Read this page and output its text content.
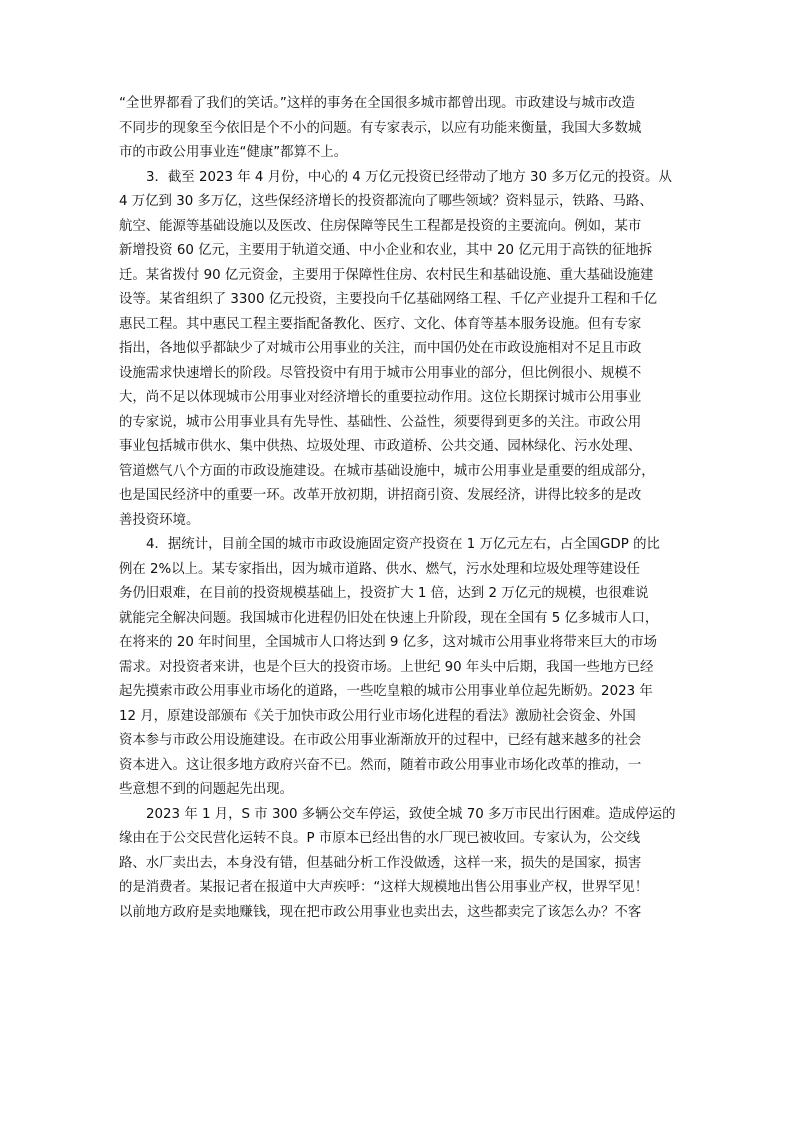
“全世界都看了我们的笑话。”这样的事务在全国很多城市都曾出现。市政建设与城市改造
不同步的现象至今依旧是个不小的问题。有专家表示，以应有功能来衡量，我国大多数城
市的市政公用事业连“健康”都算不上。

3．截至 2023 年 4 月份，中心的 4 万亿元投资已经带动了地方 30 多万亿元的投资。从
4 万亿到 30 多万亿，这些保经济增长的投资都流向了哪些领域？资料显示，铁路、马路、
航空、能源等基础设施以及医改、住房保障等民生工程都是投资的主要流向。例如，某市
新增投资 60 亿元，主要用于轨道交通、中小企业和农业，其中 20 亿元用于高铁的征地拆
迁。某省拨付 90 亿元资金，主要用于保障性住房、农村民生和基础设施、重大基础设施建
设等。某省组织了 3300 亿元投资，主要投向千亿基础网络工程、千亿产业提升工程和千亿
惠民工程。其中惠民工程主要指配备教化、医疗、文化、体育等基本服务设施。但有专家
指出，各地似乎都缺少了对城市公用事业的关注，而中国仍处在市政设施相对不足且市政
设施需求快速增长的阶段。尽管投资中有用于城市公用事业的部分，但比例很小、规模不
大，尚不足以体现城市公用事业对经济增长的重要拉动作用。这位长期探讨城市公用事业
的专家说，城市公用事业具有先导性、基础性、公益性，须要得到更多的关注。市政公用
事业包括城市供水、集中供热、垃圾处理、市政道桥、公共交通、园林绿化、污水处理、
管道燃气八个方面的市政设施建设。在城市基础设施中，城市公用事业是重要的组成部分，
也是国民经济中的重要一环。改革开放初期，讲招商引资、发展经济，讲得比较多的是改
善投资环境。

4．据统计，目前全国的城市市政设施固定资产投资在 1 万亿元左右，占全国GDP 的比
例在 2%以上。某专家指出，因为城市道路、供水、燃气，污水处理和垃圾处理等建设任
务仍旧艰难，在目前的投资规模基础上，投资扩大 1 倍，达到 2 万亿元的规模，也很难说
就能完全解决问题。我国城市化进程仍旧处在快速上升阶段，现在全国有 5 亿多城市人口，
在将来的 20 年时间里，全国城市人口将达到 9 亿多，这对城市公用事业将带来巨大的市场
需求。对投资者来讲，也是个巨大的投资市场。上世纪 90 年头中后期，我国一些地方已经
起先摸索市政公用事业市场化的道路，一些吃皇粮的城市公用事业单位起先断奶。2023 年
12 月，原建设部颁布《关于加快市政公用行业市场化进程的看法》激励社会资金、外国
资本参与市政公用设施建设。在市政公用事业渐渐放开的过程中，已经有越来越多的社会
资本进入。这让很多地方政府兴奋不已。然而，随着市政公用事业市场化改革的推动，一
些意想不到的问题起先出现。

2023 年 1 月，S 市 300 多辆公交车停运，致使全城 70 多万市民出行困难。造成停运的
缘由在于公交民营化运转不良。P 市原本已经出售的水厂现已被收回。专家认为，公交线
路、水厂卖出去，本身没有错，但基础分析工作没做透，这样一来，损失的是国家，损害
的是消费者。某报记者在报道中大声疾呼：“这样大规模地出售公用事业产权，世界罕见！
以前地方政府是卖地赚钱，现在把市政公用事业也卖出去，这些都卖完了该怎么办？不客
